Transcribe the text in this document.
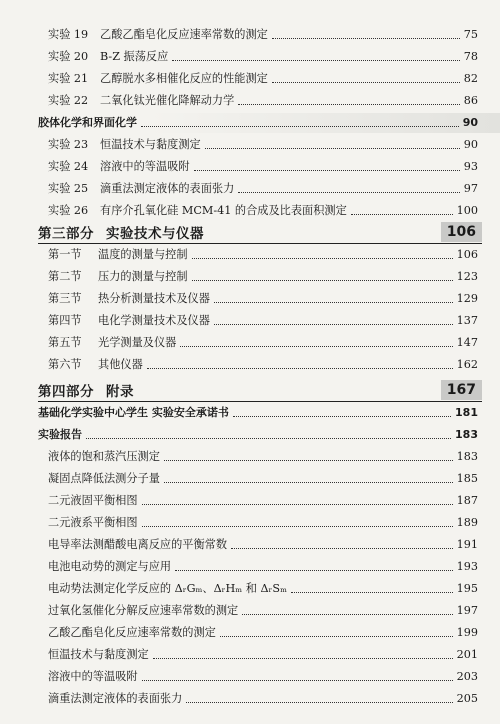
实验 19	乙酸乙酯皂化反应速率常数的测定	75
实验 20	B-Z 振荡反应	78
实验 21	乙醇脱水多相催化反应的性能测定	82
实验 22	二氧化钛光催化降解动力学	86
胶体化学和界面化学	90
实验 23	恒温技术与黏度测定	90
实验 24	溶液中的等温吸附	93
实验 25	滴重法测定液体的表面张力	97
实验 26	有序介孔氧化硅 MCM-41 的合成及比表面积测定	100
第三部分 实验技术与仪器	106
第一节	温度的测量与控制	106
第二节	压力的测量与控制	123
第三节	热分析测量技术及仪器	129
第四节	电化学测量技术及仪器	137
第五节	光学测量及仪器	147
第六节	其他仪器	162
第四部分 附录	167
基础化学实验中心学生 实验安全承诺书	181
实验报告	183
液体的饱和蒸汽压测定	183
凝固点降低法测分子量	185
二元液固平衡相图	187
二元液系平衡相图	189
电导率法测醋酸电离反应的平衡常数	191
电池电动势的测定与应用	193
电动势法测定化学反应的 ΔᵣGₘ、ΔᵣHₘ 和 ΔᵣSₘ	195
过氧化氢催化分解反应速率常数的测定	197
乙酸乙酯皂化反应速率常数的测定	199
恒温技术与黏度测定	201
溶液中的等温吸附	203
滴重法测定液体的表面张力	205
